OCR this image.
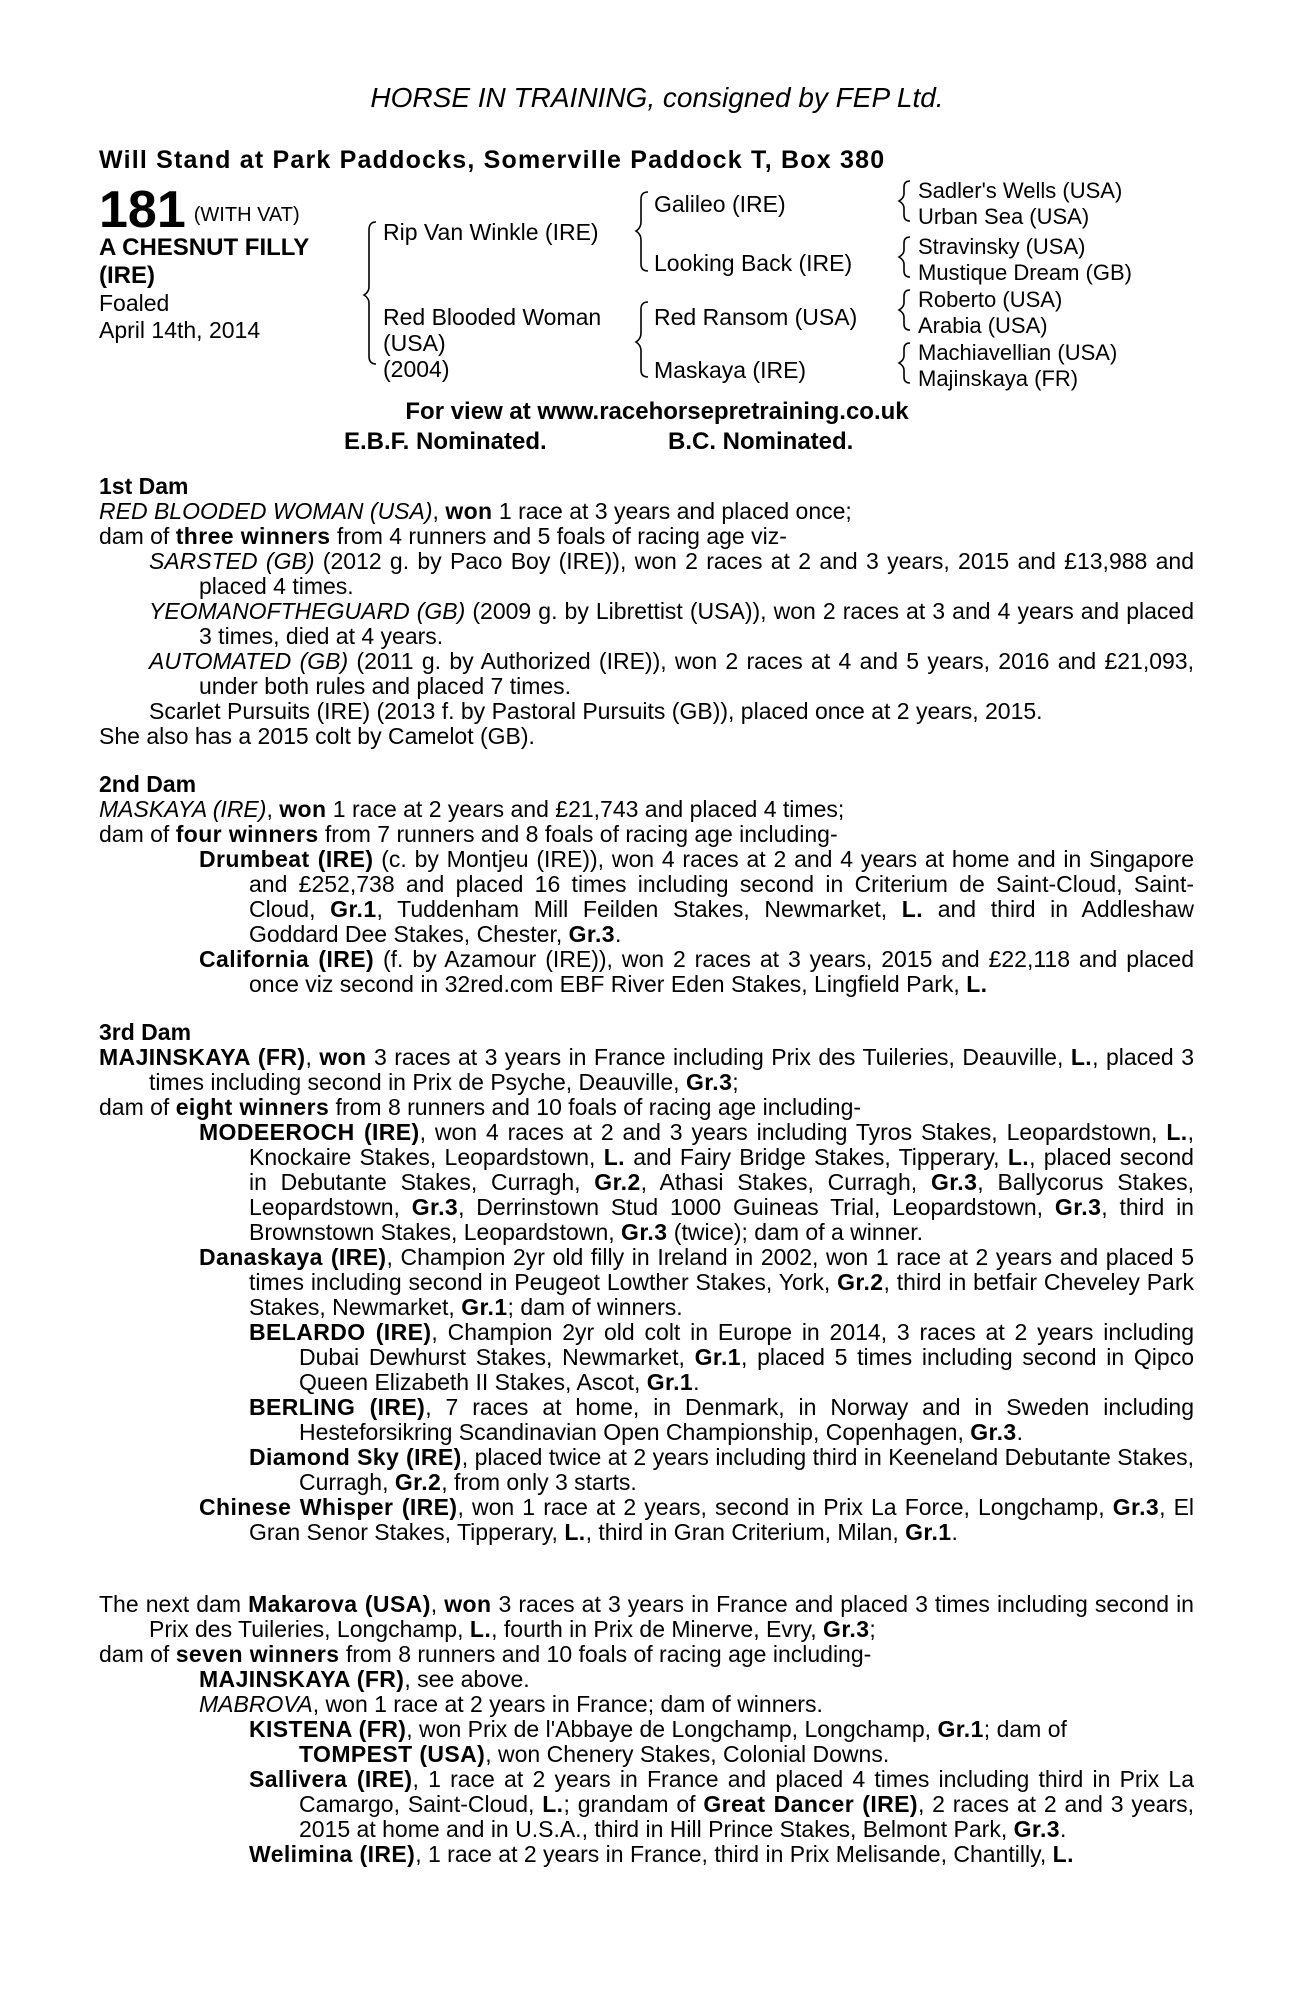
HORSE IN TRAINING, consigned by FEP Ltd.
Will Stand at Park Paddocks, Somerville Paddock T, Box 380
181 (WITH VAT)
A CHESNUT FILLY
(IRE)
Foaled
April 14th, 2014
Rip Van Winkle (IRE)
Red Blooded Woman
(USA)
(2004)
Galileo (IRE)
Looking Back (IRE)
Red Ransom (USA)
Maskaya (IRE)
Sadler's Wells (USA)
Urban Sea (USA)
Stravinsky (USA)
Mustique Dream (GB)
Roberto (USA)
Arabia (USA)
Machiavellian (USA)
Majinskaya (FR)
For view at www.racehorsepretraining.co.uk
E.B.F. Nominated.	B.C. Nominated.
1st Dam
RED BLOODED WOMAN (USA), won 1 race at 3 years and placed once;
dam of three winners from 4 runners and 5 foals of racing age viz-
SARSTED (GB) (2012 g. by Paco Boy (IRE)), won 2 races at 2 and 3 years, 2015 and £13,988 and placed 4 times.
YEOMANOFTHEGUARD (GB) (2009 g. by Librettist (USA)), won 2 races at 3 and 4 years and placed 3 times, died at 4 years.
AUTOMATED (GB) (2011 g. by Authorized (IRE)), won 2 races at 4 and 5 years, 2016 and £21,093, under both rules and placed 7 times.
Scarlet Pursuits (IRE) (2013 f. by Pastoral Pursuits (GB)), placed once at 2 years, 2015.
She also has a 2015 colt by Camelot (GB).
2nd Dam
MASKAYA (IRE), won 1 race at 2 years and £21,743 and placed 4 times;
dam of four winners from 7 runners and 8 foals of racing age including-
Drumbeat (IRE) (c. by Montjeu (IRE)), won 4 races at 2 and 4 years at home and in Singapore and £252,738 and placed 16 times including second in Criterium de Saint-Cloud, Saint-Cloud, Gr.1, Tuddenham Mill Feilden Stakes, Newmarket, L. and third in Addleshaw Goddard Dee Stakes, Chester, Gr.3.
California (IRE) (f. by Azamour (IRE)), won 2 races at 3 years, 2015 and £22,118 and placed once viz second in 32red.com EBF River Eden Stakes, Lingfield Park, L.
3rd Dam
MAJINSKAYA (FR), won 3 races at 3 years in France including Prix des Tuileries, Deauville, L., placed 3 times including second in Prix de Psyche, Deauville, Gr.3;
dam of eight winners from 8 runners and 10 foals of racing age including-
MODEEROCH (IRE), won 4 races at 2 and 3 years including Tyros Stakes, Leopardstown, L., Knockaire Stakes, Leopardstown, L. and Fairy Bridge Stakes, Tipperary, L., placed second in Debutante Stakes, Curragh, Gr.2, Athasi Stakes, Curragh, Gr.3, Ballycorus Stakes, Leopardstown, Gr.3, Derrinstown Stud 1000 Guineas Trial, Leopardstown, Gr.3, third in Brownstown Stakes, Leopardstown, Gr.3 (twice); dam of a winner.
Danaskaya (IRE), Champion 2yr old filly in Ireland in 2002, won 1 race at 2 years and placed 5 times including second in Peugeot Lowther Stakes, York, Gr.2, third in betfair Cheveley Park Stakes, Newmarket, Gr.1; dam of winners.
BELARDO (IRE), Champion 2yr old colt in Europe in 2014, 3 races at 2 years including Dubai Dewhurst Stakes, Newmarket, Gr.1, placed 5 times including second in Qipco Queen Elizabeth II Stakes, Ascot, Gr.1.
BERLING (IRE), 7 races at home, in Denmark, in Norway and in Sweden including Hesteforsikring Scandinavian Open Championship, Copenhagen, Gr.3.
Diamond Sky (IRE), placed twice at 2 years including third in Keeneland Debutante Stakes, Curragh, Gr.2, from only 3 starts.
Chinese Whisper (IRE), won 1 race at 2 years, second in Prix La Force, Longchamp, Gr.3, El Gran Senor Stakes, Tipperary, L., third in Gran Criterium, Milan, Gr.1.
The next dam Makarova (USA), won 3 races at 3 years in France and placed 3 times including second in Prix des Tuileries, Longchamp, L., fourth in Prix de Minerve, Evry, Gr.3;
dam of seven winners from 8 runners and 10 foals of racing age including-
MAJINSKAYA (FR), see above.
MABROVA, won 1 race at 2 years in France; dam of winners.
KISTENA (FR), won Prix de l'Abbaye de Longchamp, Longchamp, Gr.1; dam of
TOMPEST (USA), won Chenery Stakes, Colonial Downs.
Sallivera (IRE), 1 race at 2 years in France and placed 4 times including third in Prix La Camargo, Saint-Cloud, L.; grandam of Great Dancer (IRE), 2 races at 2 and 3 years, 2015 at home and in U.S.A., third in Hill Prince Stakes, Belmont Park, Gr.3.
Welimina (IRE), 1 race at 2 years in France, third in Prix Melisande, Chantilly, L.
